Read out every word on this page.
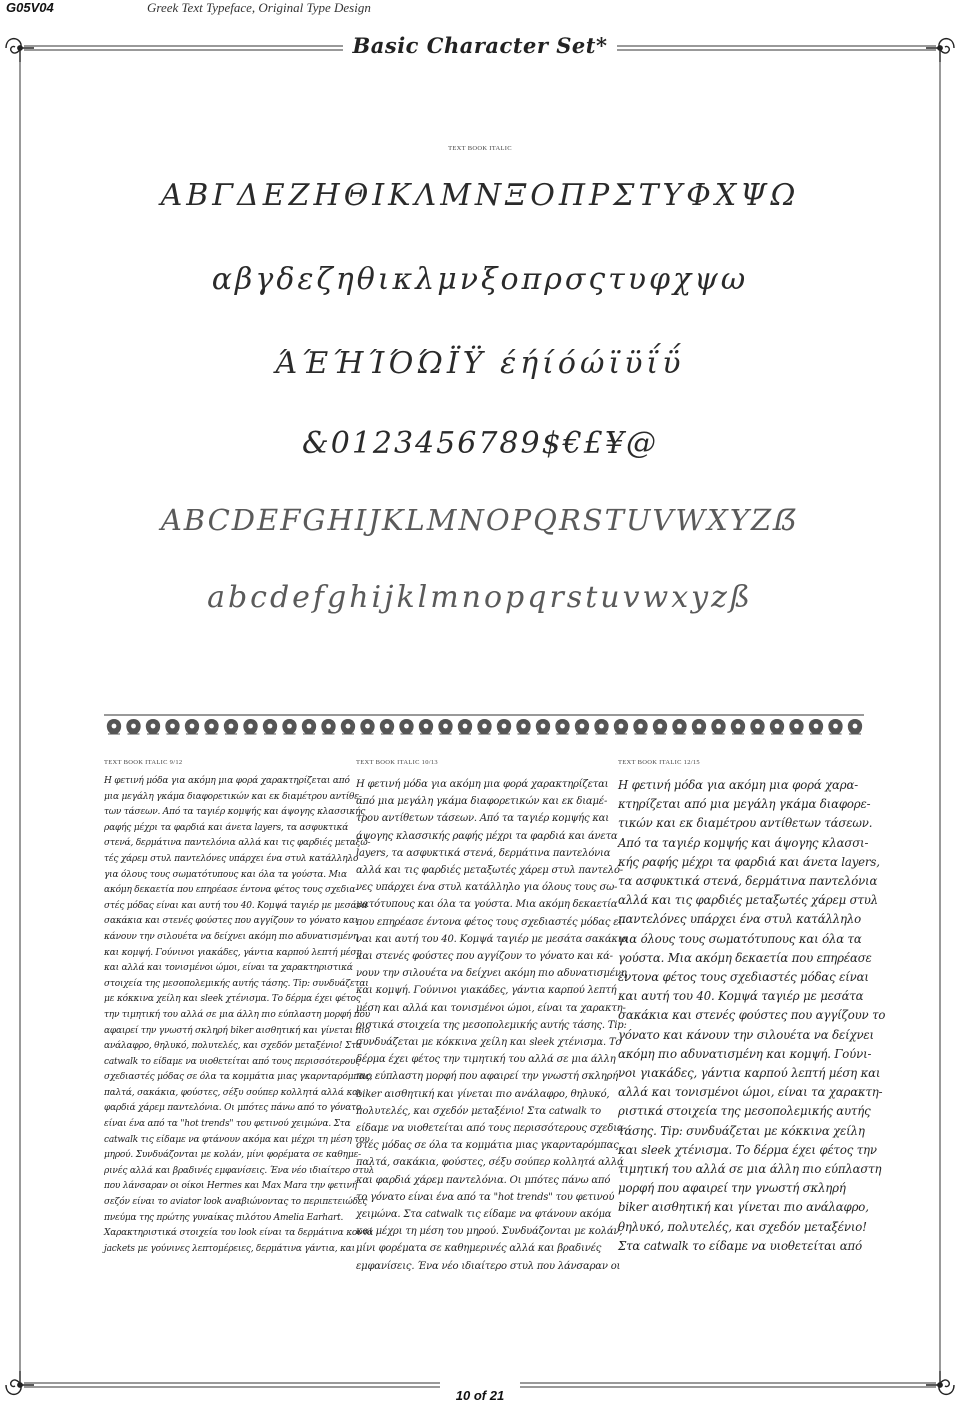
G05V04	Greek Text Typeface, Original Type Design
Basic Character Set*
TEXT BOOK ITALIC
ΑΒΓΔΕΖΗΘΙΚΛΜΝΞΟΠΡΣΤΥΦΧΨΩ
αβγδεζηθικλμνξοπρσςτυφχψω
ΆΈΉΊΌΏΪΫ έήίόώϊϋΐΰ
&0123456789$€£¥@
ABCDEFGHIJKLMNOPQRSTUVWXYZẞ
abcdefghijklmnopqrstuvwxyzß
TEXT BOOK ITALIC 9/12	TEXT BOOK ITALIC 10/13	TEXT BOOK ITALIC 12/15
Η φετινή μόδα για ακόμη μια φορά χαρακτηρίζεται από
μια μεγάλη γκάμα διαφορετικών και εκ διαμέτρου αντίθε-
των τάσεων. Από τα ταγιέρ κομψής και άψογης κλασσικής
ραφής μέχρι τα φαρδιά και άνετα layers, τα ασφυκτικά
στενά, δερμάτινα παντελόνια αλλά και τις φαρδιές μεταξω-
τές χάρεμ στυλ παντελόνες υπάρχει ένα στυλ κατάλληλο
για όλους τους σωματότυπους και όλα τα γούστα. Μια
ακόμη δεκαετία που επηρέασε έντονα φέτος τους σχεδια-
στές μόδας είναι και αυτή του 40. Κομψά ταγιέρ με μεσάτα
σακάκια και στενές φούστες που αγγίζουν το γόνατο και
κάνουν την σιλουέτα να δείχνει ακόμη πιο αδυνατισμένη
και κομψή. Γούνινοι γιακάδες, γάντια καρπού λεπτή μέση
και αλλά και τονισμένοι ώμοι, είναι τα χαρακτηριστικά
στοιχεία της μεσοπολεμικής αυτής τάσης. Tip: συνδυάζεται
με κόκκινα χείλη και sleek χτένισμα. Το δέρμα έχει φέτος
την τιμητική του αλλά σε μια άλλη πιο εύπλαστη μορφή που
αφαιρεί την γνωστή σκληρή biker αισθητική και γίνεται πιο
ανάλαφρο, θηλυκό, πολυτελές, και σχεδόν μεταξένιο! Στα
catwalk το είδαμε να υιοθετείται από τους περισσότερους
σχεδιαστές μόδας σε όλα τα κομμάτια μιας γκαρνταρόμπας,
παλτά, σακάκια, φούστες, σέξυ σούπερ κολλητά αλλά και
φαρδιά χάρεμ παντελόνια. Οι μπότες πάνω από το γόνατο
είναι ένα από τα "hot trends" του φετινού χειμώνα. Στα
catwalk τις είδαμε να φτάνουν ακόμα και μέχρι τη μέση του
μηρού. Συνδυάζονται με κολάν, μίνι φορέματα σε καθημε-
ρινές αλλά και βραδινές εμφανίσεις. Ένα νέο ιδιαίτερο στυλ
που λάνσαραν οι οίκοι Hermes και Max Mara την φετινή
σεζόν είναι το aviator look αναβιώνοντας το περιπετειώδες
πνεύμα της πρώτης γυναίκας πιλότου Amelia Earhart.
Χαρακτηριστικά στοιχεία του look είναι τα δερμάτινα κοντά
jackets με γούνινες λεπτομέρειες, δερμάτινα γάντια, και
Η φετινή μόδα για ακόμη μια φορά χαρακτηρίζεται
από μια μεγάλη γκάμα διαφορετικών και εκ διαμέ-
τρου αντίθετων τάσεων. Από τα ταγιέρ κομψής και
άψογης κλασσικής ραφής μέχρι τα φαρδιά και άνετα
layers, τα ασφυκτικά στενά, δερμάτινα παντελόνια
αλλά και τις φαρδιές μεταξωτές χάρεμ στυλ παντελό-
νες υπάρχει ένα στυλ κατάλληλο για όλους τους σω-
ματότυπους και όλα τα γούστα. Μια ακόμη δεκαετία
που επηρέασε έντονα φέτος τους σχεδιαστές μόδας εί-
ναι και αυτή του 40. Κομψά ταγιέρ με μεσάτα σακάκια
και στενές φούστες που αγγίζουν το γόνατο και κά-
νουν την σιλουέτα να δείχνει ακόμη πιο αδυνατισμένη
και κομψή. Γούνινοι γιακάδες, γάντια καρπού λεπτή
μέση και αλλά και τονισμένοι ώμοι, είναι τα χαρακτη-
ριστικά στοιχεία της μεσοπολεμικής αυτής τάσης. Tip:
συνδυάζεται με κόκκινα χείλη και sleek χτένισμα. Το
δέρμα έχει φέτος την τιμητική του αλλά σε μια άλλη
πιο εύπλαστη μορφή που αφαιρεί την γνωστή σκληρή
biker αισθητική και γίνεται πιο ανάλαφρο, θηλυκό,
πολυτελές, και σχεδόν μεταξένιο! Στα catwalk το
είδαμε να υιοθετείται από τους περισσότερους σχεδια-
στές μόδας σε όλα τα κομμάτια μιας γκαρνταρόμπας,
παλτά, σακάκια, φούστες, σέξυ σούπερ κολλητά αλλά
και φαρδιά χάρεμ παντελόνια. Οι μπότες πάνω από
το γόνατο είναι ένα από τα "hot trends" του φετινού
χειμώνα. Στα catwalk τις είδαμε να φτάνουν ακόμα
και μέχρι τη μέση του μηρού. Συνδυάζονται με κολάν,
μίνι φορέματα σε καθημερινές αλλά και βραδινές
εμφανίσεις. Ένα νέο ιδιαίτερο στυλ που λάνσαραν οι
Η φετινή μόδα για ακόμη μια φορά χαρα-
κτηρίζεται από μια μεγάλη γκάμα διαφορε-
τικών και εκ διαμέτρου αντίθετων τάσεων.
Από τα ταγιέρ κομψής και άψογης κλασσι-
κής ραφής μέχρι τα φαρδιά και άνετα layers,
τα ασφυκτικά στενά, δερμάτινα παντελόνια
αλλά και τις φαρδιές μεταξωτές χάρεμ στυλ
παντελόνες υπάρχει ένα στυλ κατάλληλο
για όλους τους σωματότυπους και όλα τα
γούστα. Μια ακόμη δεκαετία που επηρέασε
έντονα φέτος τους σχεδιαστές μόδας είναι
και αυτή του 40. Κομψά ταγιέρ με μεσάτα
σακάκια και στενές φούστες που αγγίζουν το
γόνατο και κάνουν την σιλουέτα να δείχνει
ακόμη πιο αδυνατισμένη και κομψή. Γούνι-
νοι γιακάδες, γάντια καρπού λεπτή μέση και
αλλά και τονισμένοι ώμοι, είναι τα χαρακτη-
ριστικά στοιχεία της μεσοπολεμικής αυτής
τάσης. Tip: συνδυάζεται με κόκκινα χείλη
και sleek χτένισμα. Το δέρμα έχει φέτος την
τιμητική του αλλά σε μια άλλη πιο εύπλαστη
μορφή που αφαιρεί την γνωστή σκληρή
biker αισθητική και γίνεται πιο ανάλαφρο,
θηλυκό, πολυτελές, και σχεδόν μεταξένιο!
Στα catwalk το είδαμε να υιοθετείται από
10 of 21
